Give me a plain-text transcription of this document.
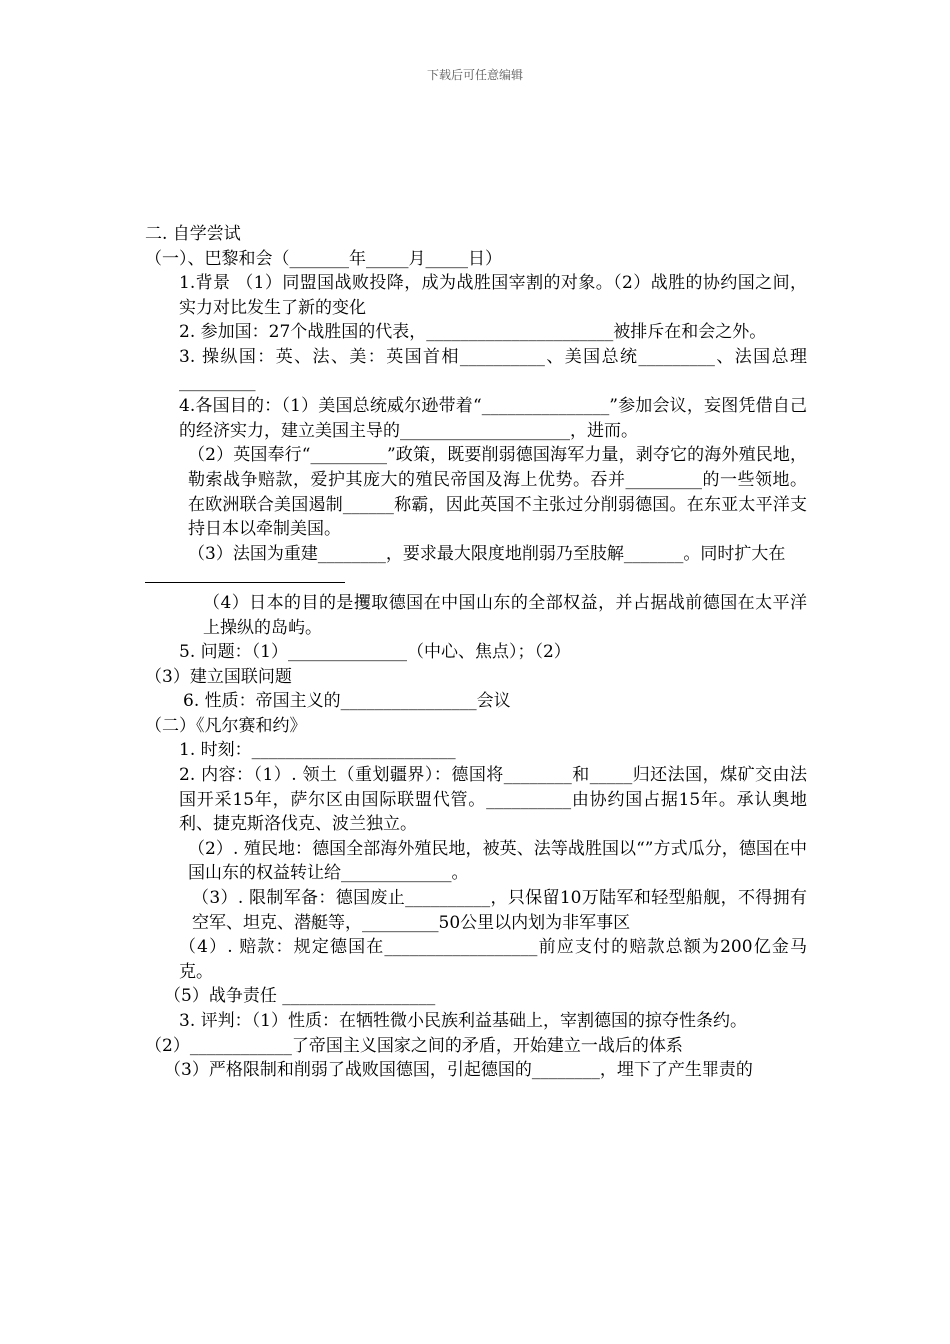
下载后可任意编辑
二. 自学尝试
（一）、巴黎和会（_______年_____月_____日）
1.背景 （1）同盟国战败投降，成为战胜国宰割的对象。（2）战胜的协约国之间，实力对比发生了新的变化
2. 参加国：27个战胜国的代表，______________________被排斥在和会之外。
3. 操纵国：英、法、美：英国首相__________、美国总统_________、法国总理_________
4.各国目的：（1）美国总统威尔逊带着“_______________”参加会议，妄图凭借自己的经济实力，建立美国主导的____________________，进而。
（2）英国奉行“_________”政策，既要削弱德国海军力量，剥夺它的海外殖民地，勒索战争赔款，爱护其庞大的殖民帝国及海上优势。吞并_________的一些领地。在欧洲联合美国遏制______称霸，因此英国不主张过分削弱德国。在东亚太平洋支持日本以牵制美国。
（3）法国为重建________，要求最大限度地削弱乃至肢解_______。同时扩大在
（4）日本的目的是攫取德国在中国山东的全部权益，并占据战前德国在太平洋上操纵的岛屿。
5. 问题：（1）______________（中心、焦点）；（2）
（3）建立国联问题
6. 性质：帝国主义的________________会议
（二）《凡尔赛和约》
1. 时刻：________________________
2. 内容：（1）. 领土（重划疆界）：德国将________和_____归还法国，煤矿交由法国开采15年，萨尔区由国际联盟代管。__________由协约国占据15年。承认奥地利、捷克斯洛伐克、波兰独立。
（2）. 殖民地：德国全部海外殖民地，被英、法等战胜国以“”方式瓜分，德国在中国山东的权益转让给_____________。
（3）. 限制军备：德国废止__________，只保留10万陆军和轻型船舰，不得拥有空军、坦克、潜艇等，_________50公里以内划为非军事区
（4）. 赔款：规定德国在__________________前应支付的赔款总额为200亿金马克。
（5）战争责任 __________________
3. 评判：（1）性质：在牺牲微小民族利益基础上，宰割德国的掠夺性条约。
（2）____________了帝国主义国家之间的矛盾，开始建立一战后的体系
（3）严格限制和削弱了战败国德国，引起德国的________，埋下了产生罪责的
